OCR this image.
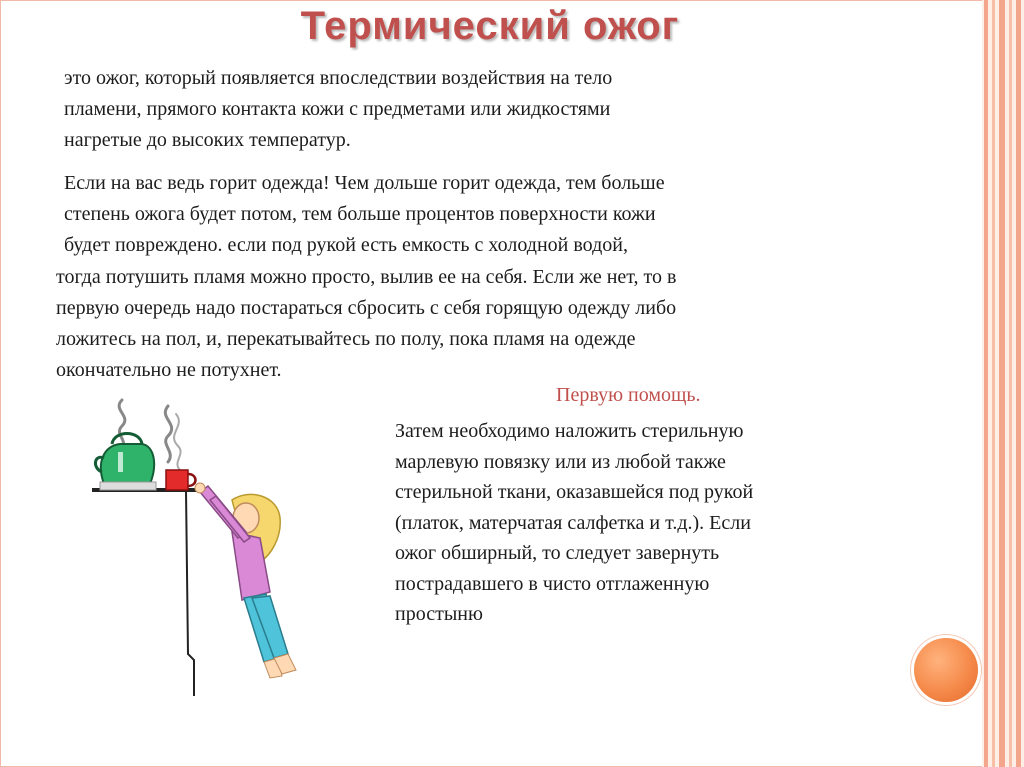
Термический ожог
это ожог, который появляется впоследствии воздействия на тело
пламени, прямого контакта кожи с предметами или жидкостями
нагретые до высоких температур.
Если на вас ведь горит одежда! Чем дольше горит одежда, тем больше
степень ожога будет потом, тем больше процентов поверхности кожи
будет повреждено. если под рукой есть емкость с холодной водой,
тогда потушить пламя можно просто, вылив ее на себя. Если же нет, то в
первую очередь надо постараться сбросить с себя горящую одежду либо
ложитесь на пол, и, перекатывайтесь по полу, пока пламя на одежде
окончательно не потухнет.
Первую помощь.
Затем необходимо наложить стерильную
марлевую повязку или из любой также
стерильной ткани, оказавшейся под рукой
(платок, матерчатая салфетка и т.д.). Если
ожог обширный, то следует завернуть
пострадавшего в чисто отглаженную
простыню
